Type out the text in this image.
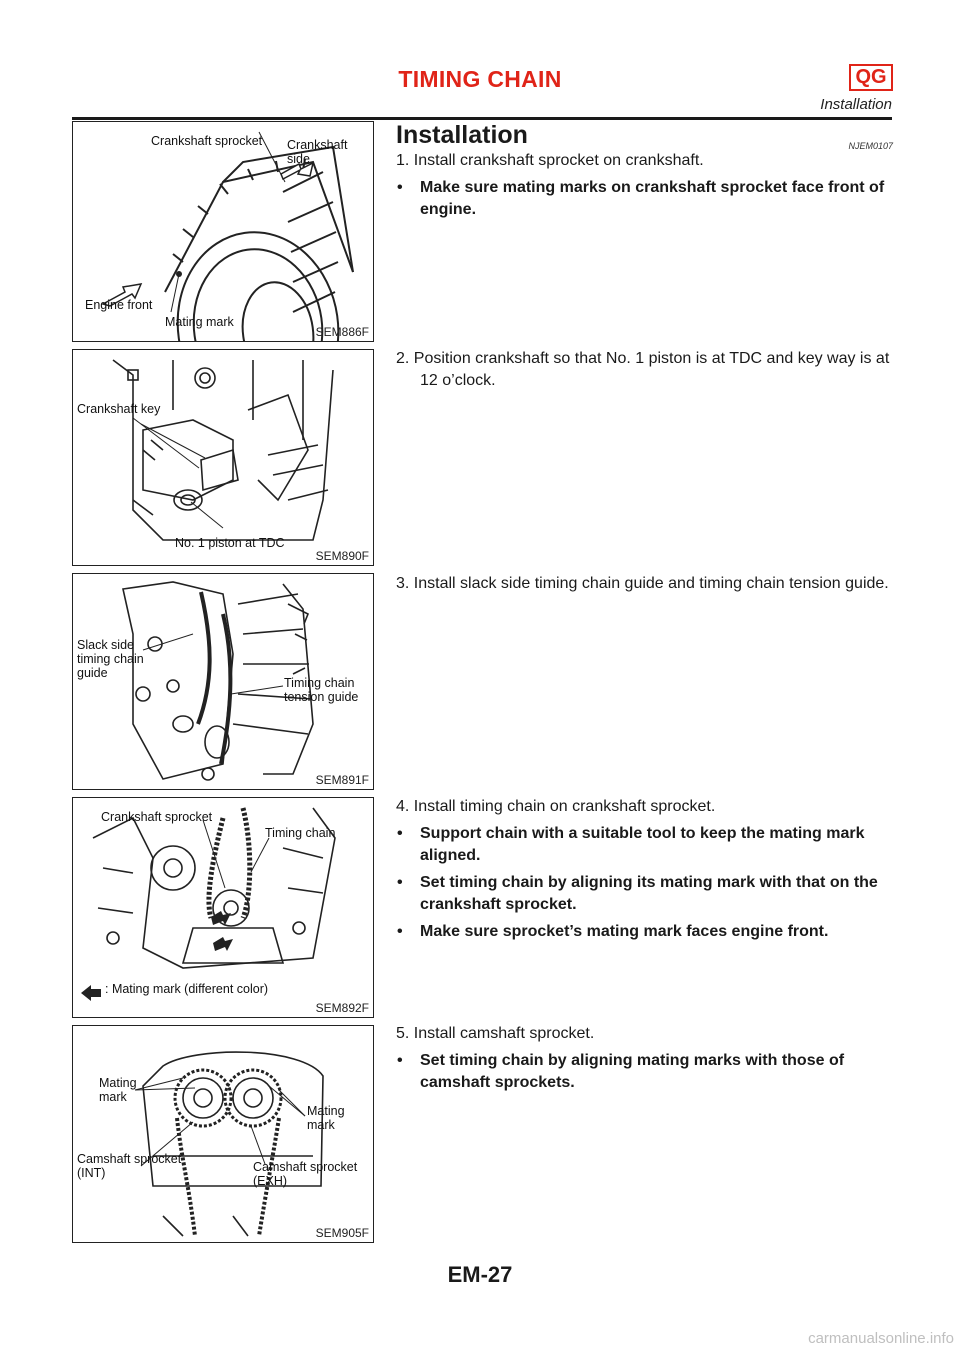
TIMING CHAIN	QG
Installation
Crankshaft sprocket Crankshaft
side
Engine front
Mating mark
SEM886F
Crankshaft key
No. 1 piston at TDC
SEM890F
Slack side
timing chain
guide
Timing chain
tension guide
SEM891F
Crankshaft sprocket
Timing chain
: Mating mark (different color)
SEM892F
Mating
mark
Mating
mark
Camshaft sprocket
(INT)	Camshaft sprocket
(EXH)
SEM905F
Installation	NJEM0107
1. Install crankshaft sprocket on crankshaft.
• Make sure mating marks on crankshaft sprocket face front of engine.
2. Position crankshaft so that No. 1 piston is at TDC and key way is at 12 o’clock.
3. Install slack side timing chain guide and timing chain tension guide.
4. Install timing chain on crankshaft sprocket.
• Support chain with a suitable tool to keep the mating mark aligned.
• Set timing chain by aligning its mating mark with that on the crankshaft sprocket.
• Make sure sprocket’s mating mark faces engine front.
5. Install camshaft sprocket.
• Set timing chain by aligning mating marks with those of camshaft sprockets.
EM-27
carmanualsonline.info
